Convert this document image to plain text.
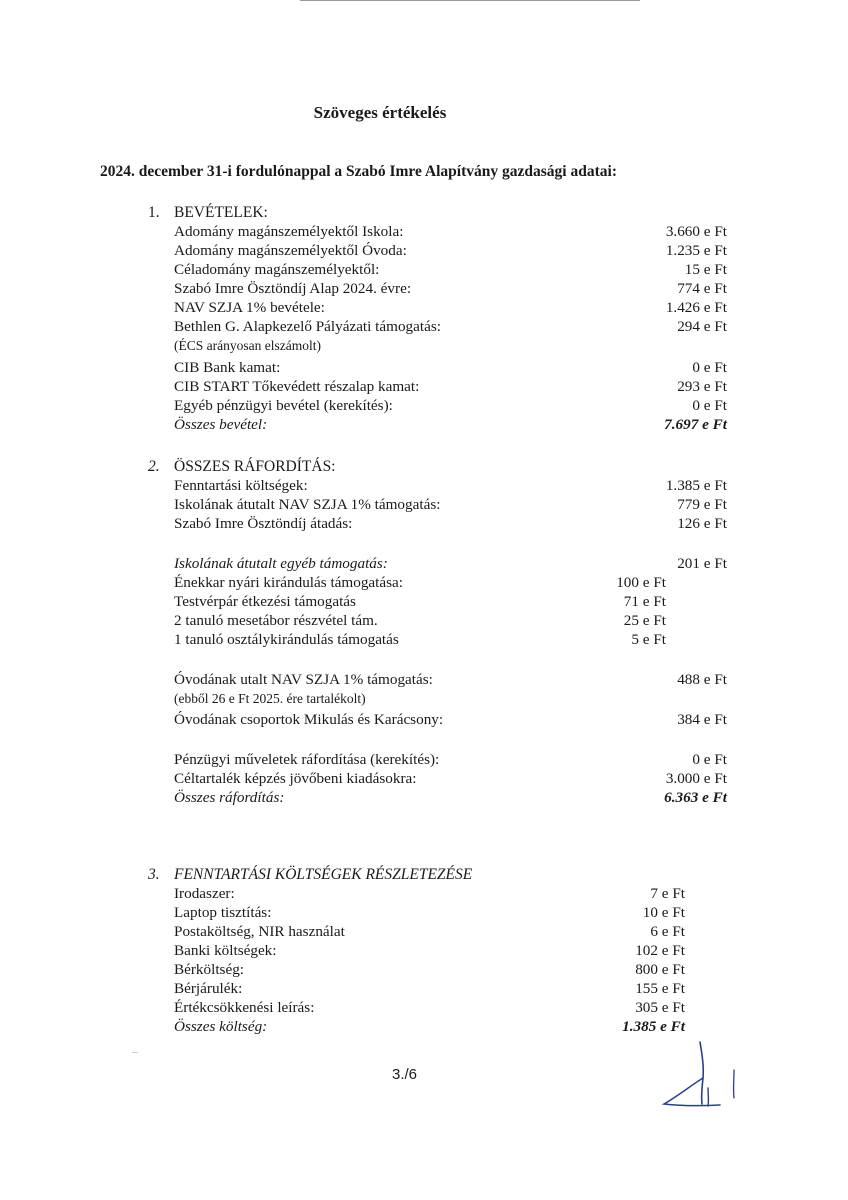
Szöveges értékelés
2024. december 31-i fordulónappal a Szabó Imre Alapítvány gazdasági adatai:
1. BEVÉTELEK:
Adomány magánszemélyektől Iskola:	3.660 e Ft
Adomány magánszemélyektől Óvoda:	1.235 e Ft
Céladomány magánszemélyektől:	15 e Ft
Szabó Imre Ösztöndíj Alap 2024. évre:	774 e Ft
NAV SZJA 1% bevétele:	1.426 e Ft
Bethlen G. Alapkezelő Pályázati támogatás:	294 e Ft
(ÉCS arányosan elszámolt)
CIB Bank kamat:	0 e Ft
CIB START Tőkevédett részalap kamat:	293 e Ft
Egyéb pénzügyi bevétel (kerekítés):	0 e Ft
Összes bevétel:	7.697 e Ft
2. ÖSSZES RÁFORDÍTÁS:
Fenntartási költségek:	1.385 e Ft
Iskolának átutalt NAV SZJA 1% támogatás:	779 e Ft
Szabó Imre Ösztöndíj átadás:	126 e Ft
Iskolának átutalt egyéb támogatás:	201 e Ft
Énekkar nyári kirándulás támogatása:	100 e Ft
Testvérpár étkezési támogatás	71 e Ft
2 tanuló mesetábor részvétel tám.	25 e Ft
1 tanuló osztálykirándulás támogatás	5 e Ft
Óvodának utalt NAV SZJA 1% támogatás:	488 e Ft
(ebből 26 e Ft 2025. ére tartalékolt)
Óvodának csoportok Mikulás és Karácsony:	384 e Ft
Pénzügyi műveletek ráfordítása (kerekítés):	0 e Ft
Céltartalék képzés jövőbeni kiadásokra:	3.000 e Ft
Összes ráfordítás:	6.363 e Ft
3. FENNTARTÁSI KÖLTSÉGEK RÉSZLETEZÉSE
Irodaszer:	7 e Ft
Laptop tisztítás:	10 e Ft
Postaköltség, NIR használat	6 e Ft
Banki költségek:	102 e Ft
Bérköltség:	800 e Ft
Bérjárulék:	155 e Ft
Értékcsökkenési leírás:	305 e Ft
Összes költség:	1.385 e Ft
3./6
